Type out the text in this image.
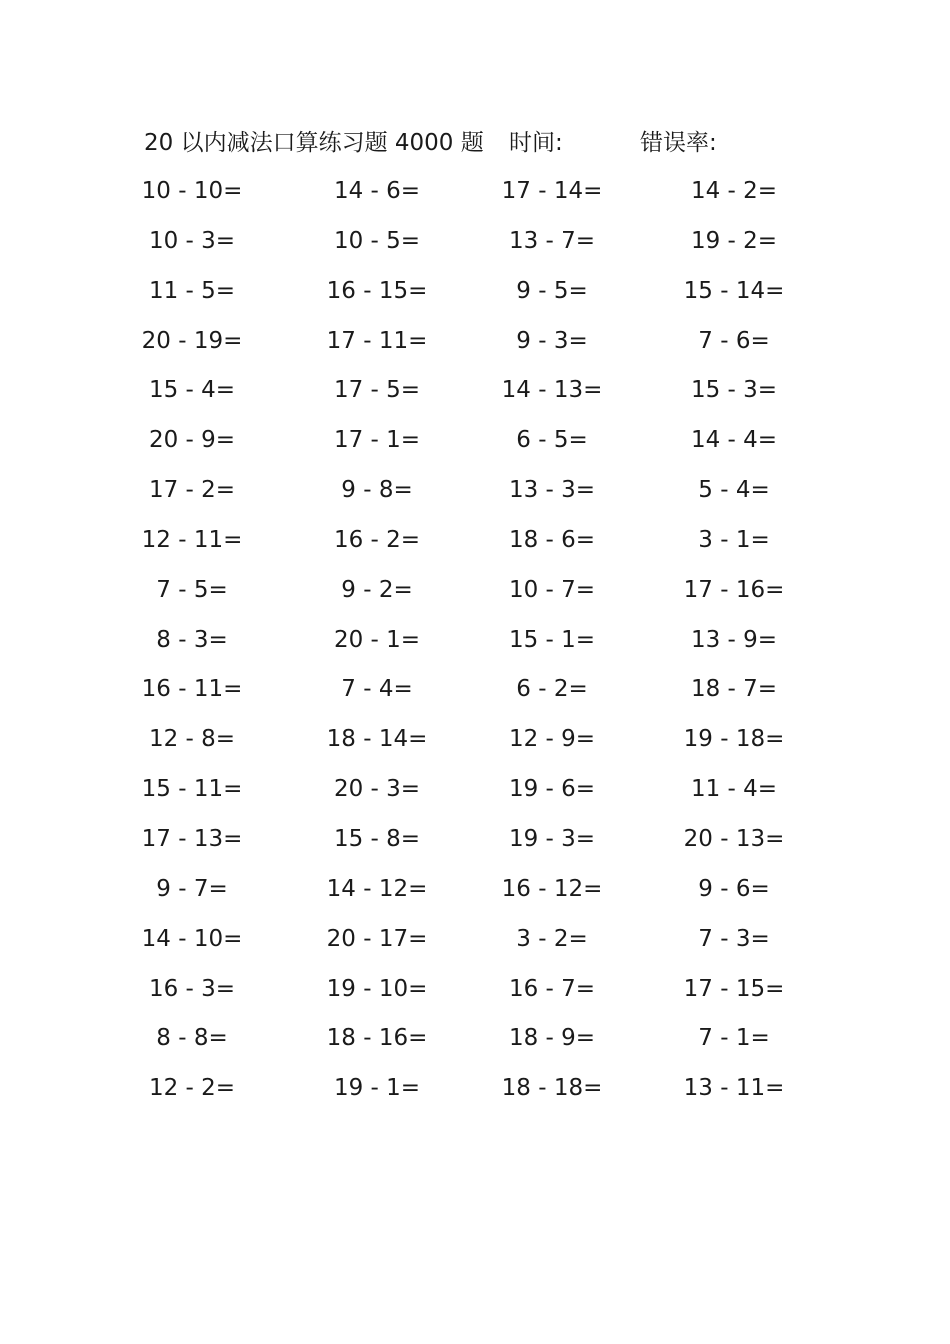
20 以内减法口算练习题 4000 题 时间:	错误率:
10 - 10=	14 - 6=	17 - 14=	14 - 2=
10 - 3=	10 - 5=	13 - 7=	19 - 2=
11 - 5=	16 - 15=	9 - 5=	15 - 14=
20 - 19=	17 - 11=	9 - 3=	7 - 6=
15 - 4=	17 - 5=	14 - 13=	15 - 3=
20 - 9=	17 - 1=	6 - 5=	14 - 4=
17 - 2=	9 - 8=	13 - 3=	5 - 4=
12 - 11=	16 - 2=	18 - 6=	3 - 1=
7 - 5=	9 - 2=	10 - 7=	17 - 16=
8 - 3=	20 - 1=	15 - 1=	13 - 9=
16 - 11=	7 - 4=	6 - 2=	18 - 7=
12 - 8=	18 - 14=	12 - 9=	19 - 18=
15 - 11=	20 - 3=	19 - 6=	11 - 4=
17 - 13=	15 - 8=	19 - 3=	20 - 13=
9 - 7=	14 - 12=	16 - 12=	9 - 6=
14 - 10=	20 - 17=	3 - 2=	7 - 3=
16 - 3=	19 - 10=	16 - 7=	17 - 15=
8 - 8=	18 - 16=	18 - 9=	7 - 1=
12 - 2=	19 - 1=	18 - 18=	13 - 11=
